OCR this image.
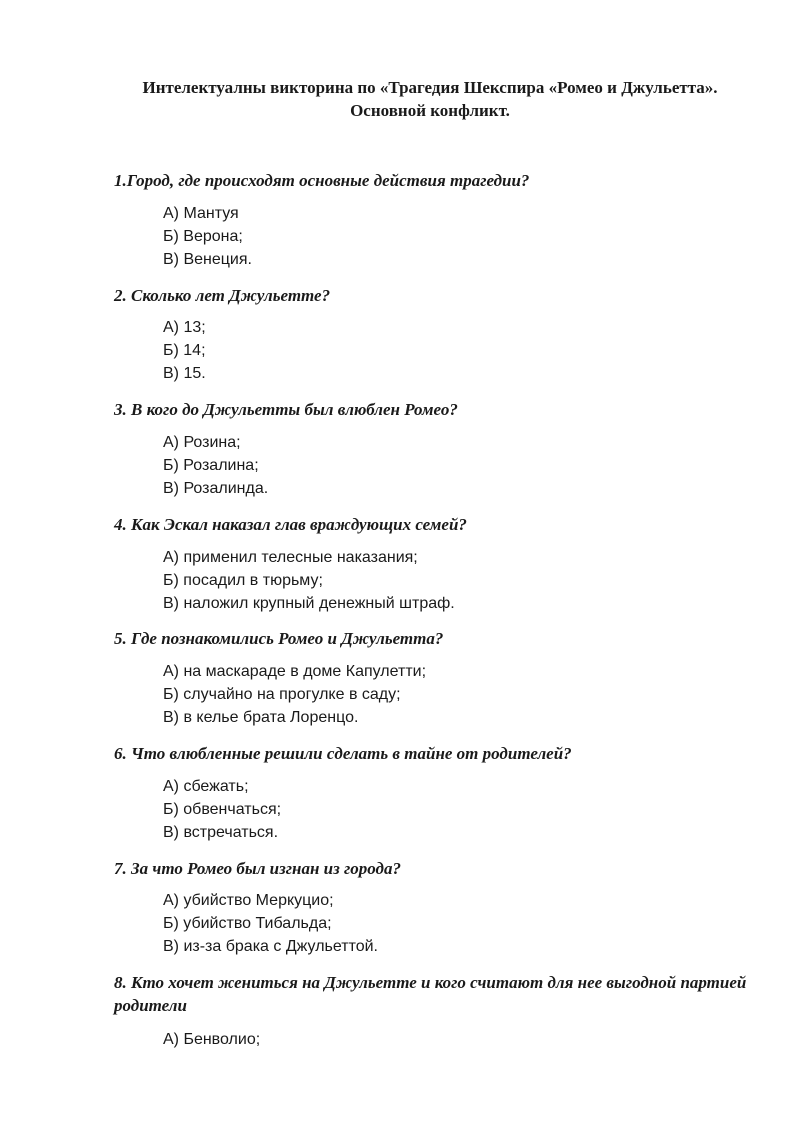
Интелектуалны викторина по «Трагедия Шекспира «Ромео и Джульетта». Основной конфликт.
1.Город, где происходят основные действия трагедии?
А) Мантуя
Б) Верона;
В) Венеция.
2. Сколько лет Джульетте?
А) 13;
Б) 14;
В) 15.
3. В кого до Джульетты был влюблен Ромео?
А) Розина;
Б) Розалина;
В) Розалинда.
4. Как Эскал наказал глав враждующих семей?
А) применил телесные наказания;
Б) посадил в тюрьму;
В) наложил крупный денежный штраф.
5. Где познакомились Ромео и Джульетта?
А) на маскараде в доме Капулетти;
Б) случайно на прогулке в саду;
В) в келье брата Лоренцо.
6. Что влюбленные решили сделать в тайне от родителей?
А) сбежать;
Б) обвенчаться;
В) встречаться.
7. За что Ромео был изгнан из города?
А) убийство Меркуцио;
Б) убийство Тибальда;
В) из-за брака с Джульеттой.
8. Кто хочет жениться на Джульетте и кого считают для нее выгодной партией родители
А) Бенволио;
